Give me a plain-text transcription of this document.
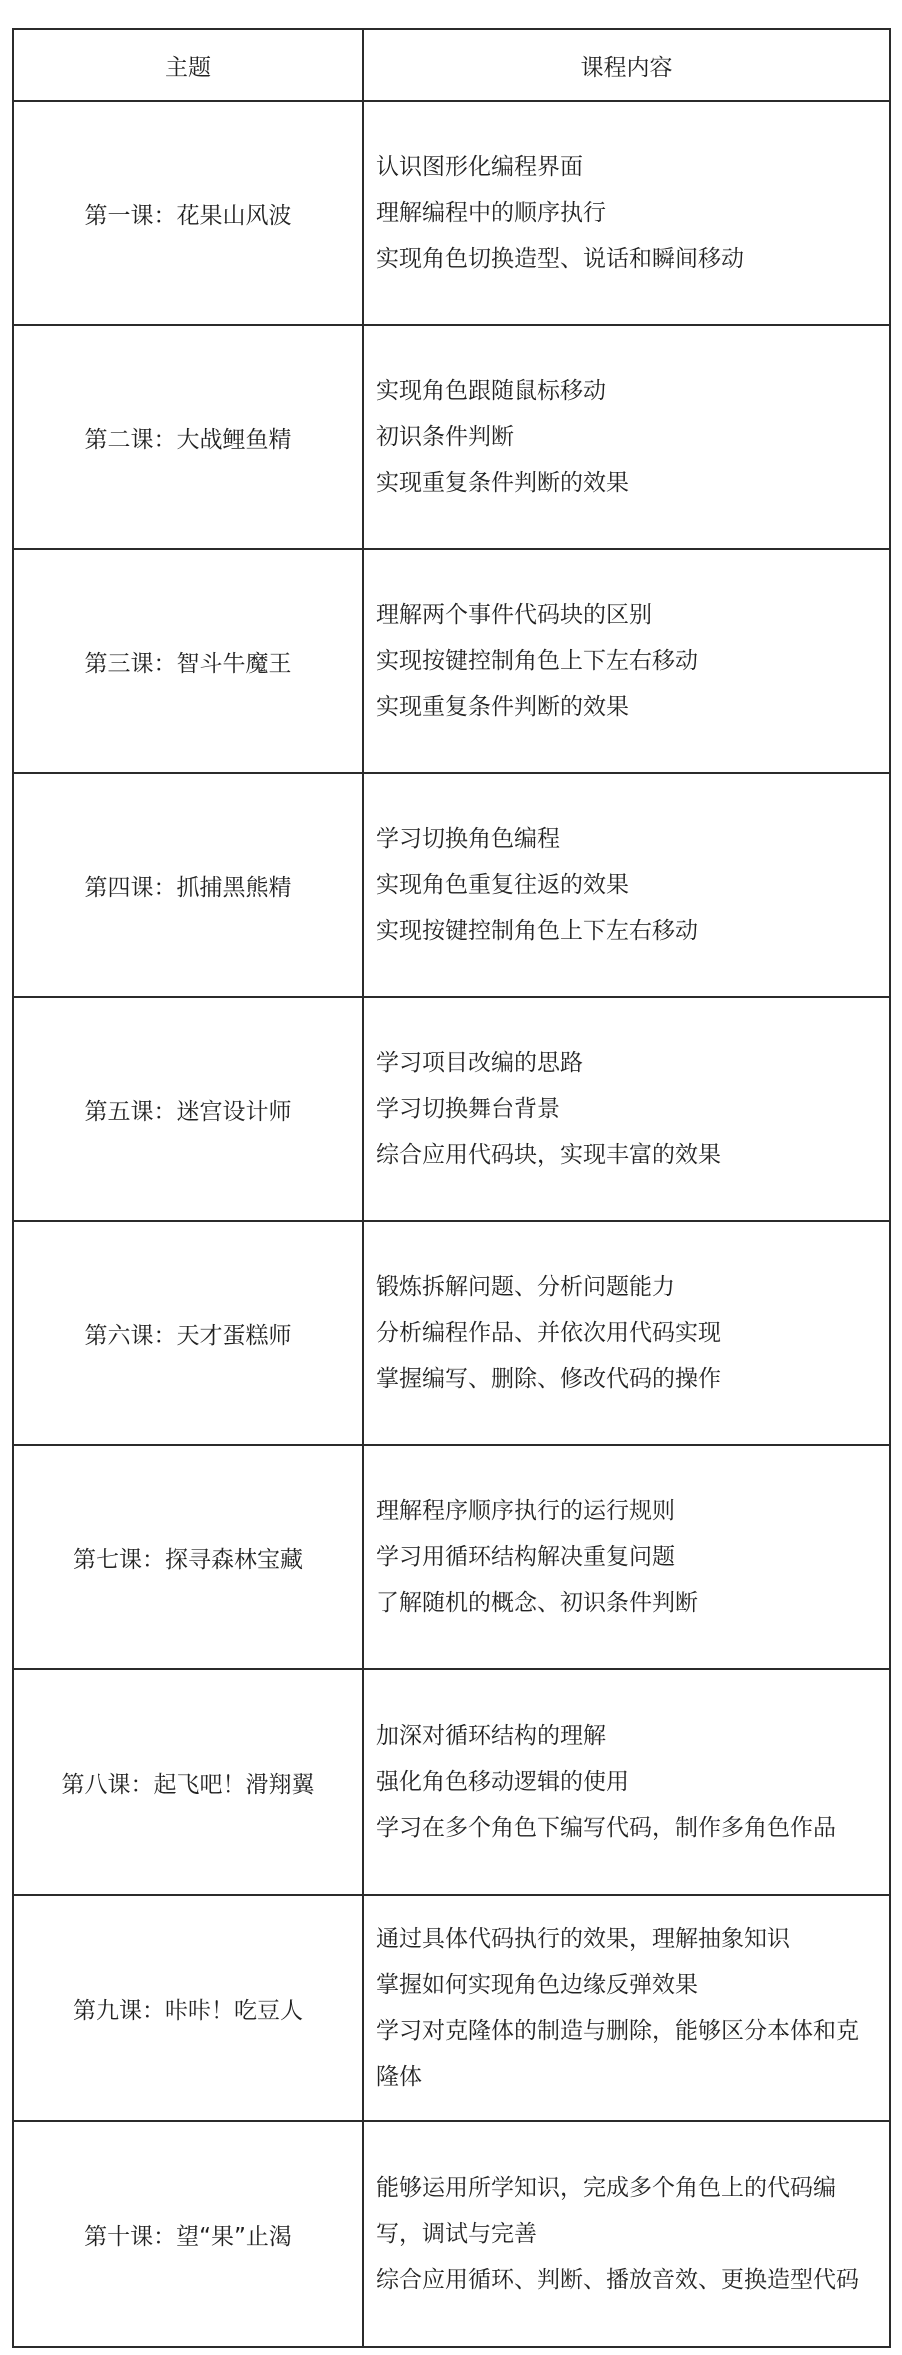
主题	课程内容
第一课：花果山风波	认识图形化编程界面
理解编程中的顺序执行
实现角色切换造型、说话和瞬间移动

第二课：大战鲤鱼精	实现角色跟随鼠标移动
初识条件判断
实现重复条件判断的效果

第三课：智斗牛魔王	理解两个事件代码块的区别
实现按键控制角色上下左右移动
实现重复条件判断的效果

第四课：抓捕黑熊精	学习切换角色编程
实现角色重复往返的效果
实现按键控制角色上下左右移动

第五课：迷宫设计师	学习项目改编的思路
学习切换舞台背景
综合应用代码块，实现丰富的效果

第六课：天才蛋糕师	锻炼拆解问题、分析问题能力
分析编程作品、并依次用代码实现
掌握编写、删除、修改代码的操作

第七课：探寻森林宝藏	理解程序顺序执行的运行规则
学习用循环结构解决重复问题
了解随机的概念、初识条件判断

第八课：起飞吧！滑翔翼	加深对循环结构的理解
强化角色移动逻辑的使用
学习在多个角色下编写代码，制作多角色作品

第九课：咔咔！吃豆人	通过具体代码执行的效果，理解抽象知识
掌握如何实现角色边缘反弹效果
学习对克隆体的制造与删除，能够区分本体和克隆体

第十课：望“果”止渴	能够运用所学知识，完成多个角色上的代码编写，调试与完善
综合应用循环、判断、播放音效、更换造型代码
